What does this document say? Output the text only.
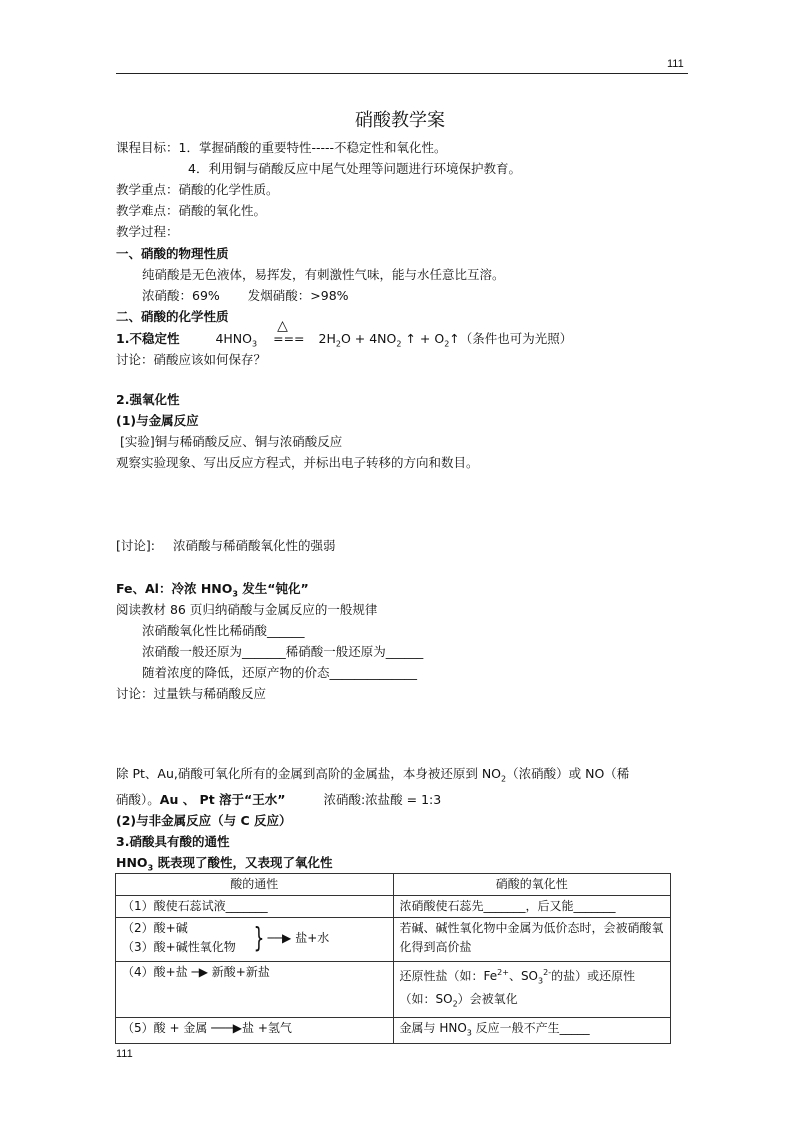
111
硝酸教学案
课程目标：1．掌握硝酸的重要特性-----不稳定性和氧化性。
4．利用铜与硝酸反应中尾气处理等问题进行环境保护教育。
教学重点：硝酸的化学性质。
教学难点：硝酸的氧化性。
教学过程：
一、硝酸的物理性质
纯硝酸是无色液体，易挥发，有刺激性气味，能与水任意比互溶。
浓硝酸：69% 发烟硝酸：>98%
二、硝酸的化学性质
1.不稳定性	$4HNO_3$
△
=== $2H_2O + 4NO_2$ ↑ + $O_2↑$（条件也可为光照）
讨论：硝酸应该如何保存？
2.强氧化性
(1)与金属反应
[实验]铜与稀硝酸反应、铜与浓硝酸反应
观察实验现象、写出反应方程式，并标出电子转移的方向和数目。
[讨论]: 浓硝酸与稀硝酸氧化性的强弱
Fe、Al：冷浓 $HNO_3$ 发生“钝化”
阅读教材 86 页归纳硝酸与金属反应的一般规律
浓硝酸氧化性比稀硝酸______
浓硝酸一般还原为_______稀硝酸一般还原为______
随着浓度的降低，还原产物的价态______________
讨论：过量铁与稀硝酸反应
除 Pt、Au,硝酸可氧化所有的金属到高阶的金属盐，本身被还原到 $NO_2$（浓硝酸）或 NO（稀
硝酸）。Au 、 Pt 溶于“王水”	浓硝酸:浓盐酸 = 1:3
(2)与非金属反应（与 C 反应）
3.硝酸具有酸的通性
$HNO_3$ 既表现了酸性，又表现了氧化性
酸的通性	硝酸的氧化性
（1）酸使石蕊试液_______	浓硝酸使石蕊先_______，后又能_______

（2）酸+碱
（3）酸+碱性氧化物 } ──▶ 盐+水	若碱、碱性氧化物中金属为低价态时，会被硝酸氧化得到高价盐
（4）酸+盐 ─▶ 新酸+新盐	还原性盐（如：$Fe^{2+}$、$SO_3^{2-}$的盐）或还原性（如：$SO_2$）会被氧化
（5）酸 + 金属 ───▶盐 +氢气	金属与 $HNO_3$ 反应一般不产生_____
111
